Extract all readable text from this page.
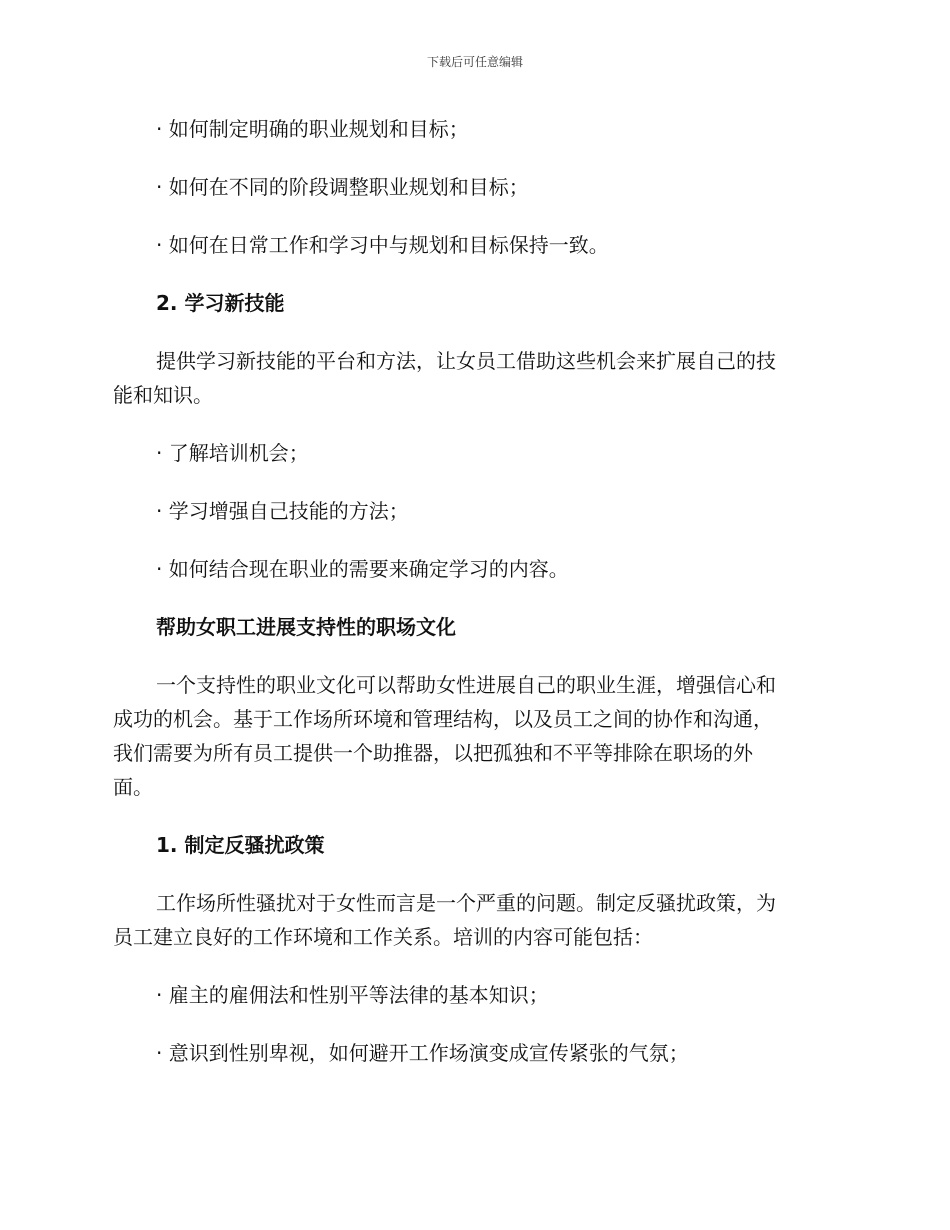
下载后可任意编辑
· 如何制定明确的职业规划和目标；
· 如何在不同的阶段调整职业规划和目标；
· 如何在日常工作和学习中与规划和目标保持一致。
2. 学习新技能
提供学习新技能的平台和方法，让女员工借助这些机会来扩展自己的技
能和知识。
· 了解培训机会；
· 学习增强自己技能的方法；
· 如何结合现在职业的需要来确定学习的内容。
帮助女职工进展支持性的职场文化
一个支持性的职业文化可以帮助女性进展自己的职业生涯，增强信心和
成功的机会。基于工作场所环境和管理结构，以及员工之间的协作和沟通，
我们需要为所有员工提供一个助推器，以把孤独和不平等排除在职场的外
面。
1. 制定反骚扰政策
工作场所性骚扰对于女性而言是一个严重的问题。制定反骚扰政策，为
员工建立良好的工作环境和工作关系。培训的内容可能包括：
· 雇主的雇佣法和性别平等法律的基本知识；
· 意识到性别卑视，如何避开工作场演变成宣传紧张的气氛；
